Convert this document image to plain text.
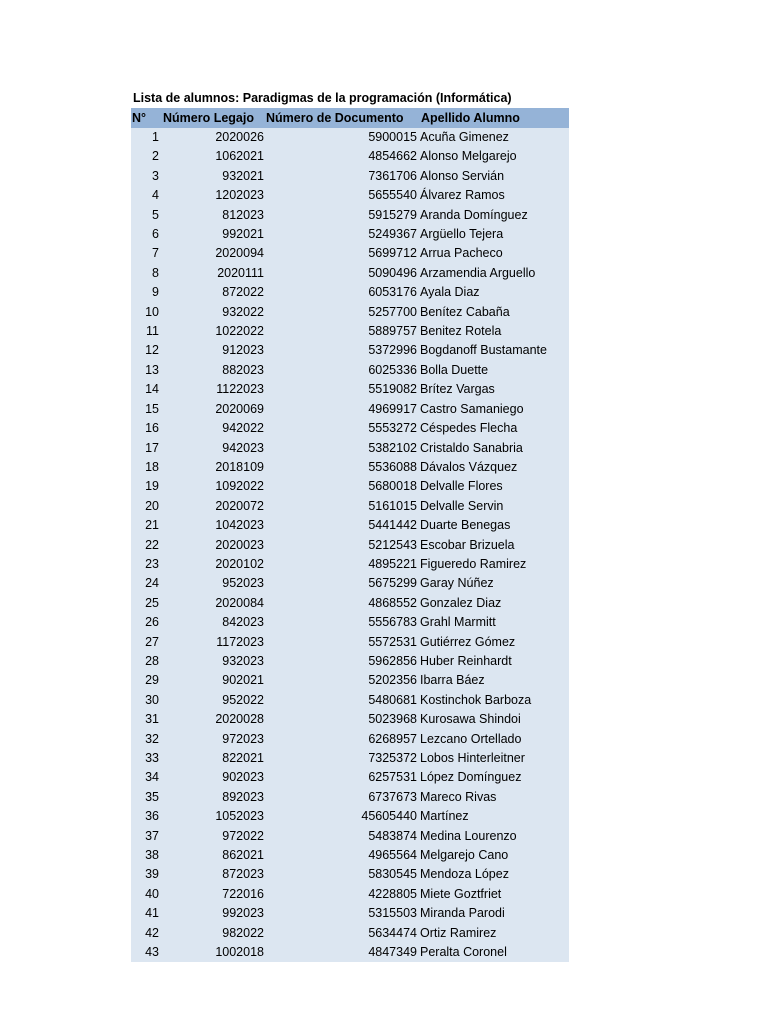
Lista de alumnos: Paradigmas de la programación (Informática)
N°	Número Legajo	Número de Documento	Apellido Alumno
1	2020026	5900015	Acuña Gimenez
2	1062021	4854662	Alonso Melgarejo
3	932021	7361706	Alonso Servián
4	1202023	5655540	Álvarez Ramos
5	812023	5915279	Aranda Domínguez
6	992021	5249367	Argüello Tejera
7	2020094	5699712	Arrua Pacheco
8	2020111	5090496	Arzamendia Arguello
9	872022	6053176	Ayala Diaz
10	932022	5257700	Benítez Cabaña
11	1022022	5889757	Benitez Rotela
12	912023	5372996	Bogdanoff Bustamante
13	882023	6025336	Bolla Duette
14	1122023	5519082	Brítez Vargas
15	2020069	4969917	Castro Samaniego
16	942022	5553272	Céspedes Flecha
17	942023	5382102	Cristaldo Sanabria
18	2018109	5536088	Dávalos Vázquez
19	1092022	5680018	Delvalle Flores
20	2020072	5161015	Delvalle Servin
21	1042023	5441442	Duarte Benegas
22	2020023	5212543	Escobar Brizuela
23	2020102	4895221	Figueredo Ramirez
24	952023	5675299	Garay Núñez
25	2020084	4868552	Gonzalez Diaz
26	842023	5556783	Grahl Marmitt
27	1172023	5572531	Gutiérrez Gómez
28	932023	5962856	Huber Reinhardt
29	902021	5202356	Ibarra Báez
30	952022	5480681	Kostinchok Barboza
31	2020028	5023968	Kurosawa Shindoi
32	972023	6268957	Lezcano Ortellado
33	822021	7325372	Lobos Hinterleitner
34	902023	6257531	López Domínguez
35	892023	6737673	Mareco Rivas
36	1052023	45605440	Martínez
37	972022	5483874	Medina Lourenzo
38	862021	4965564	Melgarejo Cano
39	872023	5830545	Mendoza López
40	722016	4228805	Miete Goztfriet
41	992023	5315503	Miranda Parodi
42	982022	5634474	Ortiz Ramirez
43	1002018	4847349	Peralta Coronel
